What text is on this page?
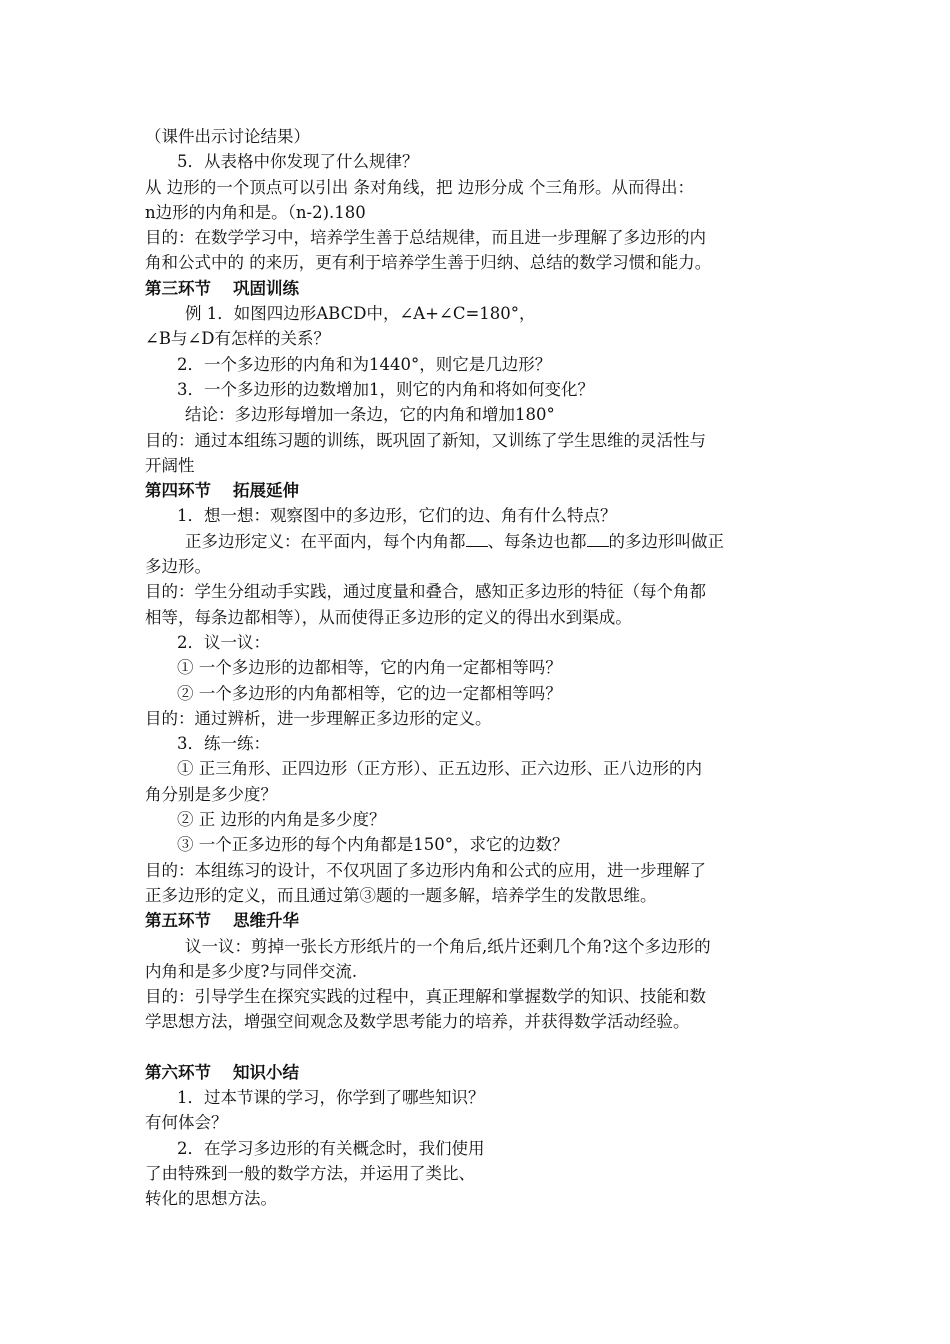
（课件出示讨论结果）

5．从表格中你发现了什么规律？

从 边形的一个顶点可以引出 条对角线，把 边形分成 个三角形。从而得出：

n边形的内角和是。（n-2).180

目的：在数学学习中，培养学生善于总结规律，而且进一步理解了多边形的内

角和公式中的 的来历，更有利于培养学生善于归纳、总结的数学习惯和能力。

第三环节 巩固训练

例 1．如图四边形ABCD中，∠A+∠C=180°，

∠B与∠D有怎样的关系？

2．一个多边形的内角和为1440°，则它是几边形？

3．一个多边形的边数增加1，则它的内角和将如何变化？

结论：多边形每增加一条边，它的内角和增加180°

目的：通过本组练习题的训练，既巩固了新知，又训练了学生思维的灵活性与

开阔性

第四环节 拓展延伸

1．想一想：观察图中的多边形，它们的边、角有什么特点？

正多边形定义：在平面内，每个内角都 、每条边也都 的多边形叫做正

多边形。

目的：学生分组动手实践，通过度量和叠合，感知正多边形的特征（每个角都

相等，每条边都相等），从而使得正多边形的定义的得出水到渠成。

2．议一议：

① 一个多边形的边都相等，它的内角一定都相等吗？

② 一个多边形的内角都相等，它的边一定都相等吗？

目的：通过辨析，进一步理解正多边形的定义。

3．练一练：

① 正三角形、正四边形（正方形）、正五边形、正六边形、正八边形的内

角分别是多少度？

② 正 边形的内角是多少度？

③ 一个正多边形的每个内角都是150°，求它的边数？

目的：本组练习的设计，不仅巩固了多边形内角和公式的应用，进一步理解了

正多边形的定义，而且通过第③题的一题多解，培养学生的发散思维。

第五环节 思维升华

议一议：剪掉一张长方形纸片的一个角后,纸片还剩几个角?这个多边形的

内角和是多少度?与同伴交流.

目的：引导学生在探究实践的过程中，真正理解和掌握数学的知识、技能和数

学思想方法，增强空间观念及数学思考能力的培养，并获得数学活动经验。

第六环节 知识小结

1．过本节课的学习，你学到了哪些知识？

有何体会？

2．在学习多边形的有关概念时，我们使用

了由特殊到一般的数学方法，并运用了类比、

转化的思想方法。
